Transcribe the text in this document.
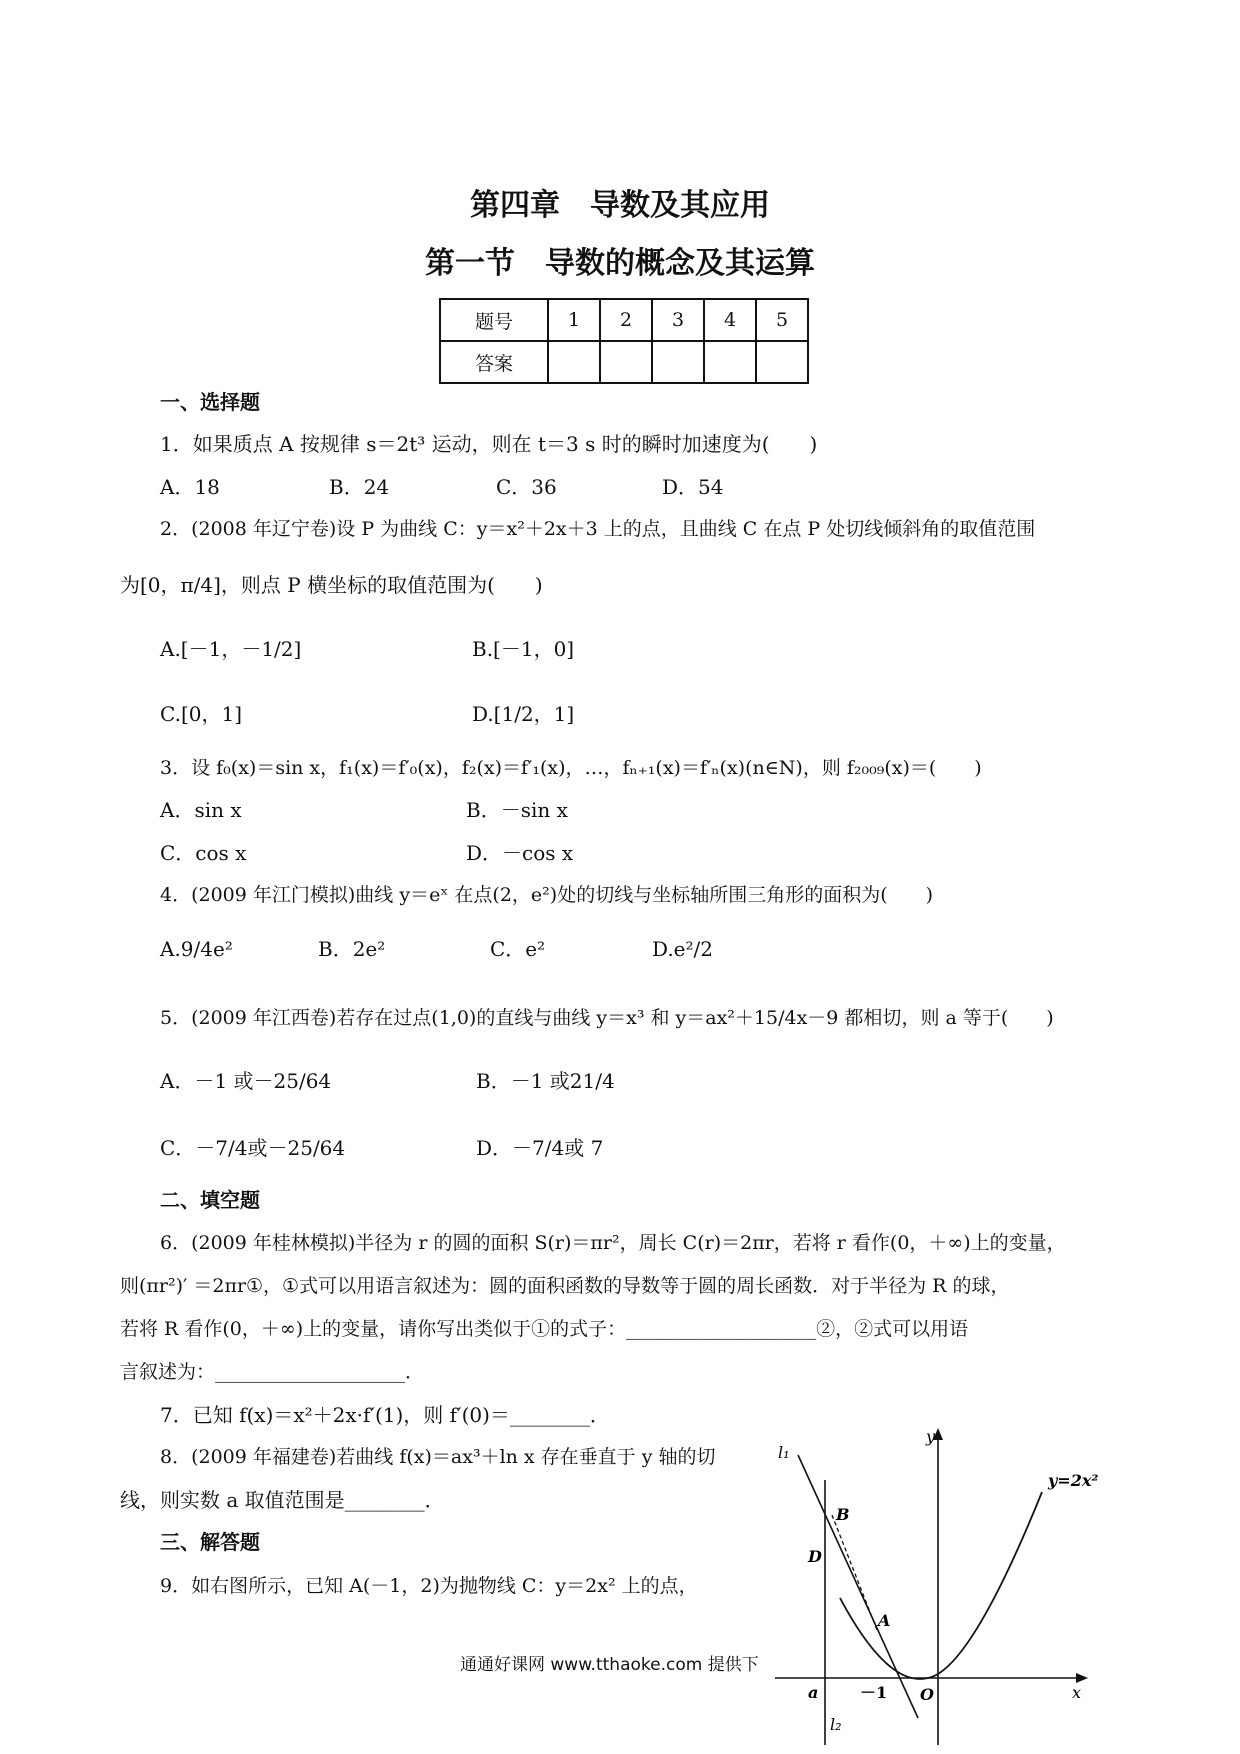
第四章　导数及其应用
第一节　导数的概念及其运算
题号	1	2	3	4	5
答案					
一、选择题
1．如果质点 A 按规律 s＝2t³ 运动，则在 t＝3 s 时的瞬时加速度为(　　)
A．18	B．24	C．36	D．54
2．(2008 年辽宁卷)设 P 为曲线 C：y＝x²＋2x＋3 上的点，且曲线 C 在点 P 处切线倾斜角的取值范围
为[0，π/4]，则点 P 横坐标的取值范围为(　　)
A.[－1，－1/2]	B.[－1，0]
C.[0，1]	D.[1/2，1]
3．设 f₀(x)＝sin x，f₁(x)＝f′₀(x)，f₂(x)＝f′₁(x)，…，fₙ₊₁(x)＝f′ₙ(x)(n∈N)，则 f₂₀₀₉(x)＝(　　)
A．sin x	B．－sin x
C．cos x	D．－cos x
4．(2009 年江门模拟)曲线 y＝eˣ 在点(2，e²)处的切线与坐标轴所围三角形的面积为(　　)
A.9/4e²	B．2e²	C．e²	D.e²/2
5．(2009 年江西卷)若存在过点(1,0)的直线与曲线 y＝x³ 和 y＝ax²＋15/4x－9 都相切，则 a 等于(　　)
A．－1 或－25/64	B．－1 或21/4
C．－7/4或－25/64	D．－7/4或 7
二、填空题
6．(2009 年桂林模拟)半径为 r 的圆的面积 S(r)＝πr²，周长 C(r)＝2πr，若将 r 看作(0，＋∞)上的变量，
则(πr²)′ ＝2πr①，①式可以用语言叙述为：圆的面积函数的导数等于圆的周长函数．对于半径为 R 的球，
若将 R 看作(0，＋∞)上的变量，请你写出类似于①的式子：____________________②，②式可以用语
言叙述为：____________________．
7．已知 f(x)＝x²＋2x·f′(1)，则 f′(0)＝________．
8．(2009 年福建卷)若曲线 f(x)＝ax³＋ln x 存在垂直于 y 轴的切
线，则实数 a 取值范围是________．
三、解答题
9．如右图所示，已知 A(－1，2)为抛物线 C：y＝2x² 上的点，
通通好课网 www.tthaoke.com 提供下
y
x
y=2x²
l₁
l₂
B
D
A
a	－1 O
